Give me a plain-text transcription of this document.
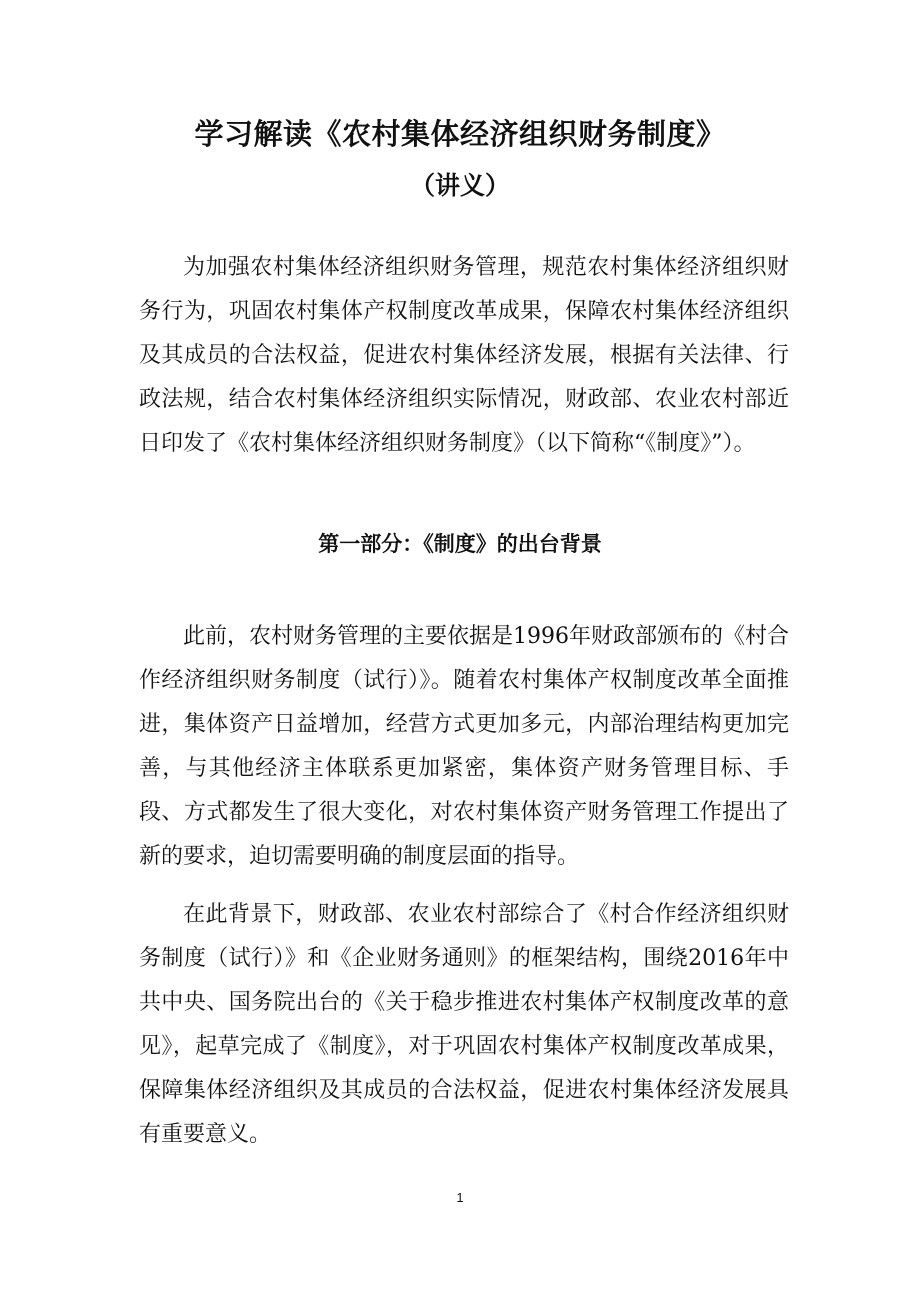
学习解读《农村集体经济组织财务制度》
（讲义）

为加强农村集体经济组织财务管理，规范农村集体经济组织财务行为，巩固农村集体产权制度改革成果，保障农村集体经济组织及其成员的合法权益，促进农村集体经济发展，根据有关法律、行政法规，结合农村集体经济组织实际情况，财政部、农业农村部近日印发了《农村集体经济组织财务制度》（以下简称“《制度》”）。

第一部分：《制度》的出台背景

此前，农村财务管理的主要依据是1996年财政部颁布的《村合作经济组织财务制度（试行）》。随着农村集体产权制度改革全面推进，集体资产日益增加，经营方式更加多元，内部治理结构更加完善，与其他经济主体联系更加紧密，集体资产财务管理目标、手段、方式都发生了很大变化，对农村集体资产财务管理工作提出了新的要求，迫切需要明确的制度层面的指导。

在此背景下，财政部、农业农村部综合了《村合作经济组织财务制度（试行）》和《企业财务通则》的框架结构，围绕2016年中共中央、国务院出台的《关于稳步推进农村集体产权制度改革的意见》，起草完成了《制度》，对于巩固农村集体产权制度改革成果，保障集体经济组织及其成员的合法权益，促进农村集体经济发展具有重要意义。

1
